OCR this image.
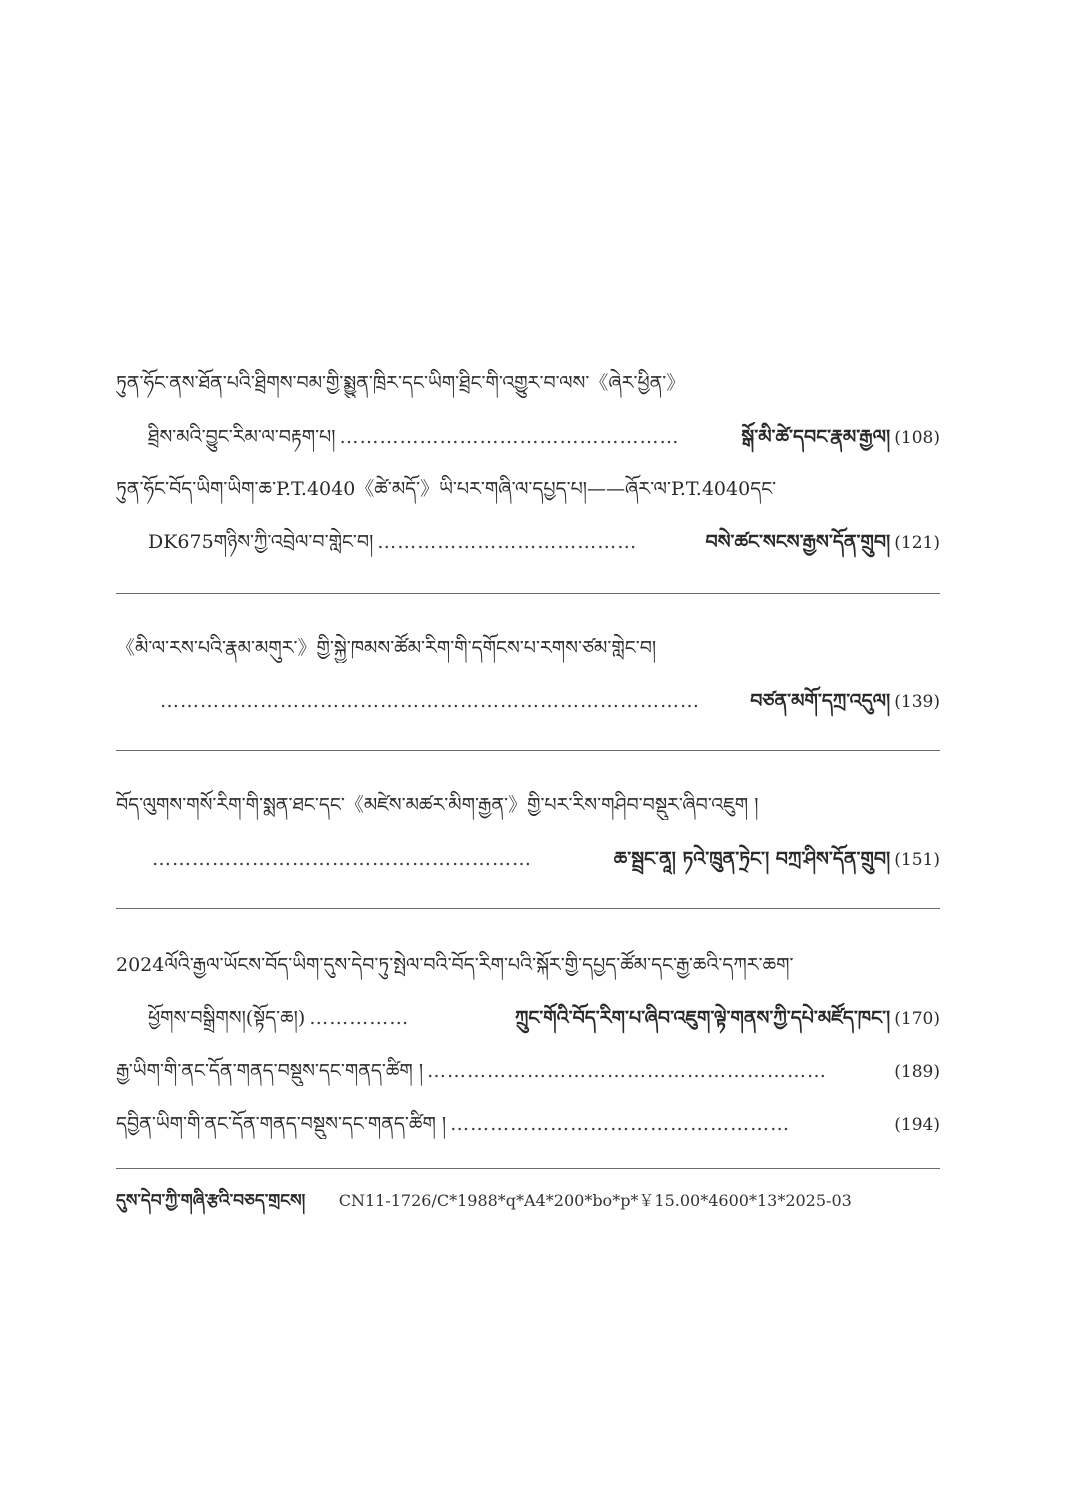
ཏུན་ཧོང་ནས་ཐོན་པའི་ཐྲིགས་བམ་གྱི་སྨྱུན་ཁྲིར་དང་ཡིག་ཐྲིང་གི་འགྱུར་བ་ལས་《ཞེར་ཕྱིན་》
ཐྲིས་མའི་བྱུང་རིམ་ལ་བརྟག་པ། ……………………………………………	སྒོ་མི་ཚེ་དབང་རྣམ་རྒྱལ། (108)
ཏུན་ཧོང་བོད་ཡིག་ཡིག་ཆ་P.T.4040《ཚེ་མདོ་》ཡི་པར་གཞི་ལ་དཔྱད་པ།——ཞོར་ལ་P.T.4040དང་
DK675གཉིས་ཀྱི་འབྲེལ་བ་གླེང་བ། …………………………………	བསེ་ཚང་སངས་རྒྱས་དོན་གྲུབ། (121)
《མི་ལ་རས་པའི་རྣམ་མགུར་》གྱི་སྐྱེ་ཁམས་ཚོམ་རིག་གི་དགོངས་པ་རགས་ཙམ་གླེང་བ།
………………………………………………………………………	བཙན་མགོ་དཀྲ་འདུལ། (139)
བོད་ལུགས་གསོ་རིག་གི་སྨན་ཐང་དང་《མཛེས་མཚར་མིག་རྒྱན་》གྱི་པར་རིས་གཤིབ་བསྡུར་ཞིབ་འཇུག །
…………………………………………………	ཆ་སྦྲང་ནཱ། ཏའེ་ཁྲུན་ཏྲེང་། བཀྲ་ཤིས་དོན་གྲུབ། (151)
2024ལོའི་རྒྱལ་ཡོངས་བོད་ཡིག་དུས་དེབ་ཏུ་སྤེལ་བའི་བོད་རིག་པའི་སྐོར་གྱི་དཔྱད་ཚོམ་དང་རྒྱ་ཆའི་དཀར་ཆག་
ཕྱོགས་བསྒྲིགས།(སྟོད་ཆ།) ……………	ཀྲུང་གོའི་བོད་རིག་པ་ཞིབ་འཇུག་ལྟེ་གནས་ཀྱི་དཔེ་མཛོད་ཁང་། (170)
རྒྱ་ཡིག་གི་ནང་དོན་གནད་བསྡུས་དང་གནད་ཚིག ། ……………………………………………………	(189)
དབྱིན་ཡིག་གི་ནང་དོན་གནད་བསྡུས་དང་གནད་ཚིག ། ……………………………………………	(194)
དུས་དེབ་ཀྱི་གཞི་རྩའི་བཅད་གྲངས། CN11-1726/C*1988*q*A4*200*bo*p*￥15.00*4600*13*2025-03
